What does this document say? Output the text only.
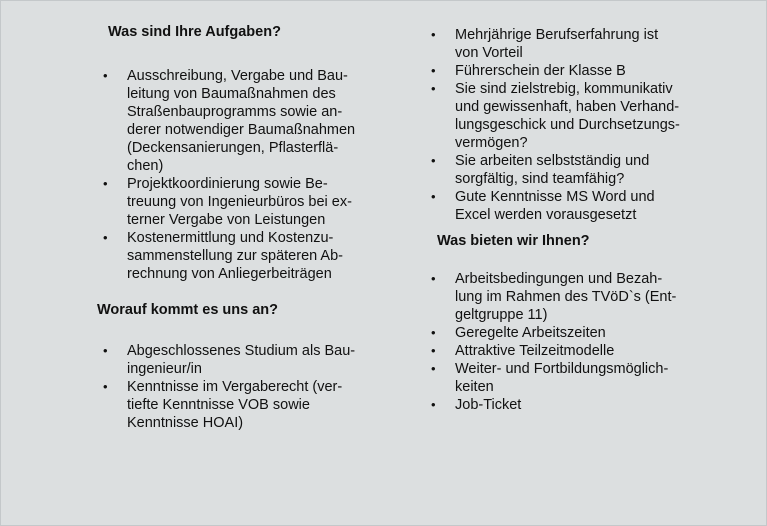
Was sind Ihre Aufgaben?
• Ausschreibung, Vergabe und Bau-
leitung von Baumaßnahmen des
Straßenbauprogramms sowie an-
derer notwendiger Baumaßnahmen
(Deckensanierungen, Pflasterflä-
chen)
• Projektkoordinierung sowie Be-
treuung von Ingenieurbüros bei ex-
terner Vergabe von Leistungen
• Kostenermittlung und Kostenzu-
sammenstellung zur späteren Ab-
rechnung von Anliegerbeiträgen
Worauf kommt es uns an?
• Abgeschlossenes Studium als Bau-
ingenieur/in
• Kenntnisse im Vergaberecht (ver-
tiefte Kenntnisse VOB sowie
Kenntnisse HOAI)
• Mehrjährige Berufserfahrung ist
von Vorteil
• Führerschein der Klasse B
• Sie sind zielstrebig, kommunikativ
und gewissenhaft, haben Verhand-
lungsgeschick und Durchsetzungs-
vermögen?
• Sie arbeiten selbstständig und
sorgfältig, sind teamfähig?
• Gute Kenntnisse MS Word und
Excel werden vorausgesetzt
Was bieten wir Ihnen?
• Arbeitsbedingungen und Bezah-
lung im Rahmen des TVöD`s (Ent-
geltgruppe 11)
• Geregelte Arbeitszeiten
• Attraktive Teilzeitmodelle
• Weiter- und Fortbildungsmöglich-
keiten
• Job-Ticket
